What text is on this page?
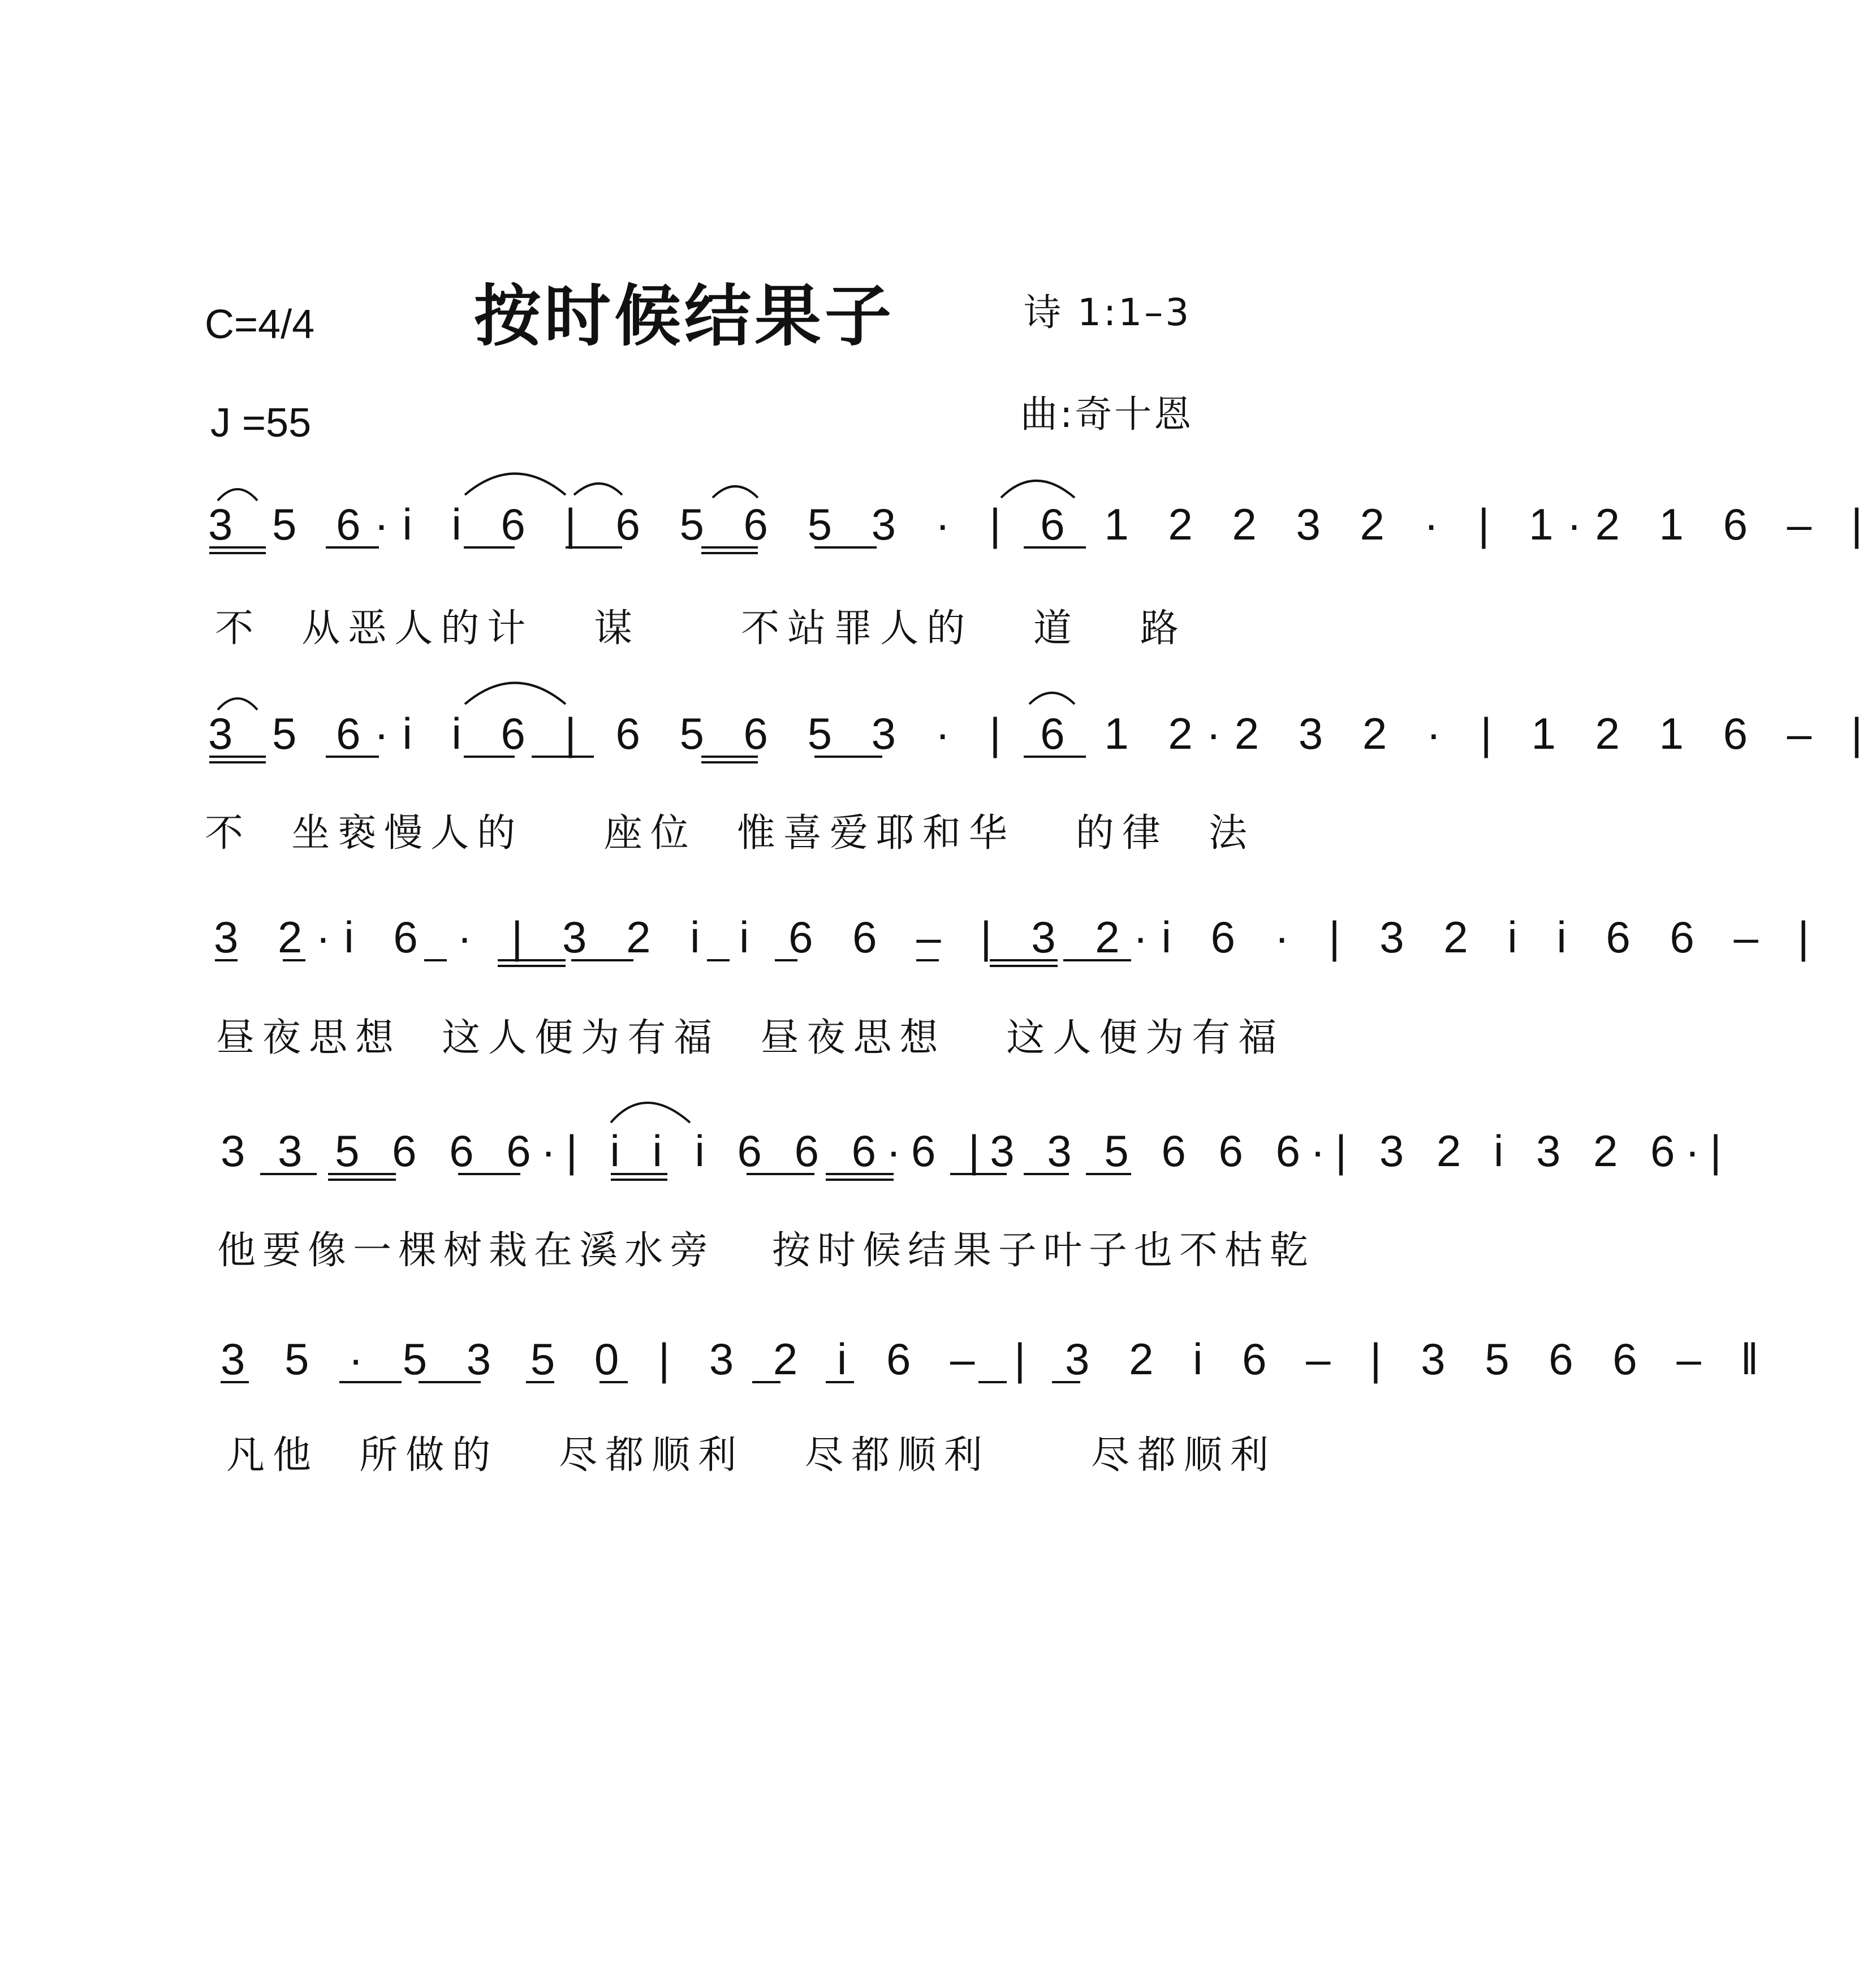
C=4/4 按时候结果子	诗 1:1–3
J =55	曲:奇十恩
3 5 6·i i 6 | 6 5 6 5 3 · | 6 1 2 2 3 2 · | 1·2 1 6 – |
不  从恶人的计   谋     不站罪人的   道   路
3 5 6·i i 6 | 6 5 6 5 3 · | 6 1 2·2 3 2 · | 1 2 1 6 – |
不  坐亵慢人的    座位  惟喜爱耶和华   的律  法
3 2·i 6 · | 3 2 i i 6 6 – | 3 2·i 6 · | 3 2 i i 6 6 – |
昼夜思想  这人便为有福  昼夜思想   这人便为有福
3 3 5 6 6 6·| i i i 6 6 6·6 |3 3 5 6 6 6·| 3 2 i 3 2 6·|
他要像一棵树栽在溪水旁   按时候结果子叶子也不枯乾
3 5 · 5 3 5 0 | 3 2 i 6 – | 3 2 i 6 – | 3 5 6 6 – ‖
凡他  所做的   尽都顺利   尽都顺利     尽都顺利
